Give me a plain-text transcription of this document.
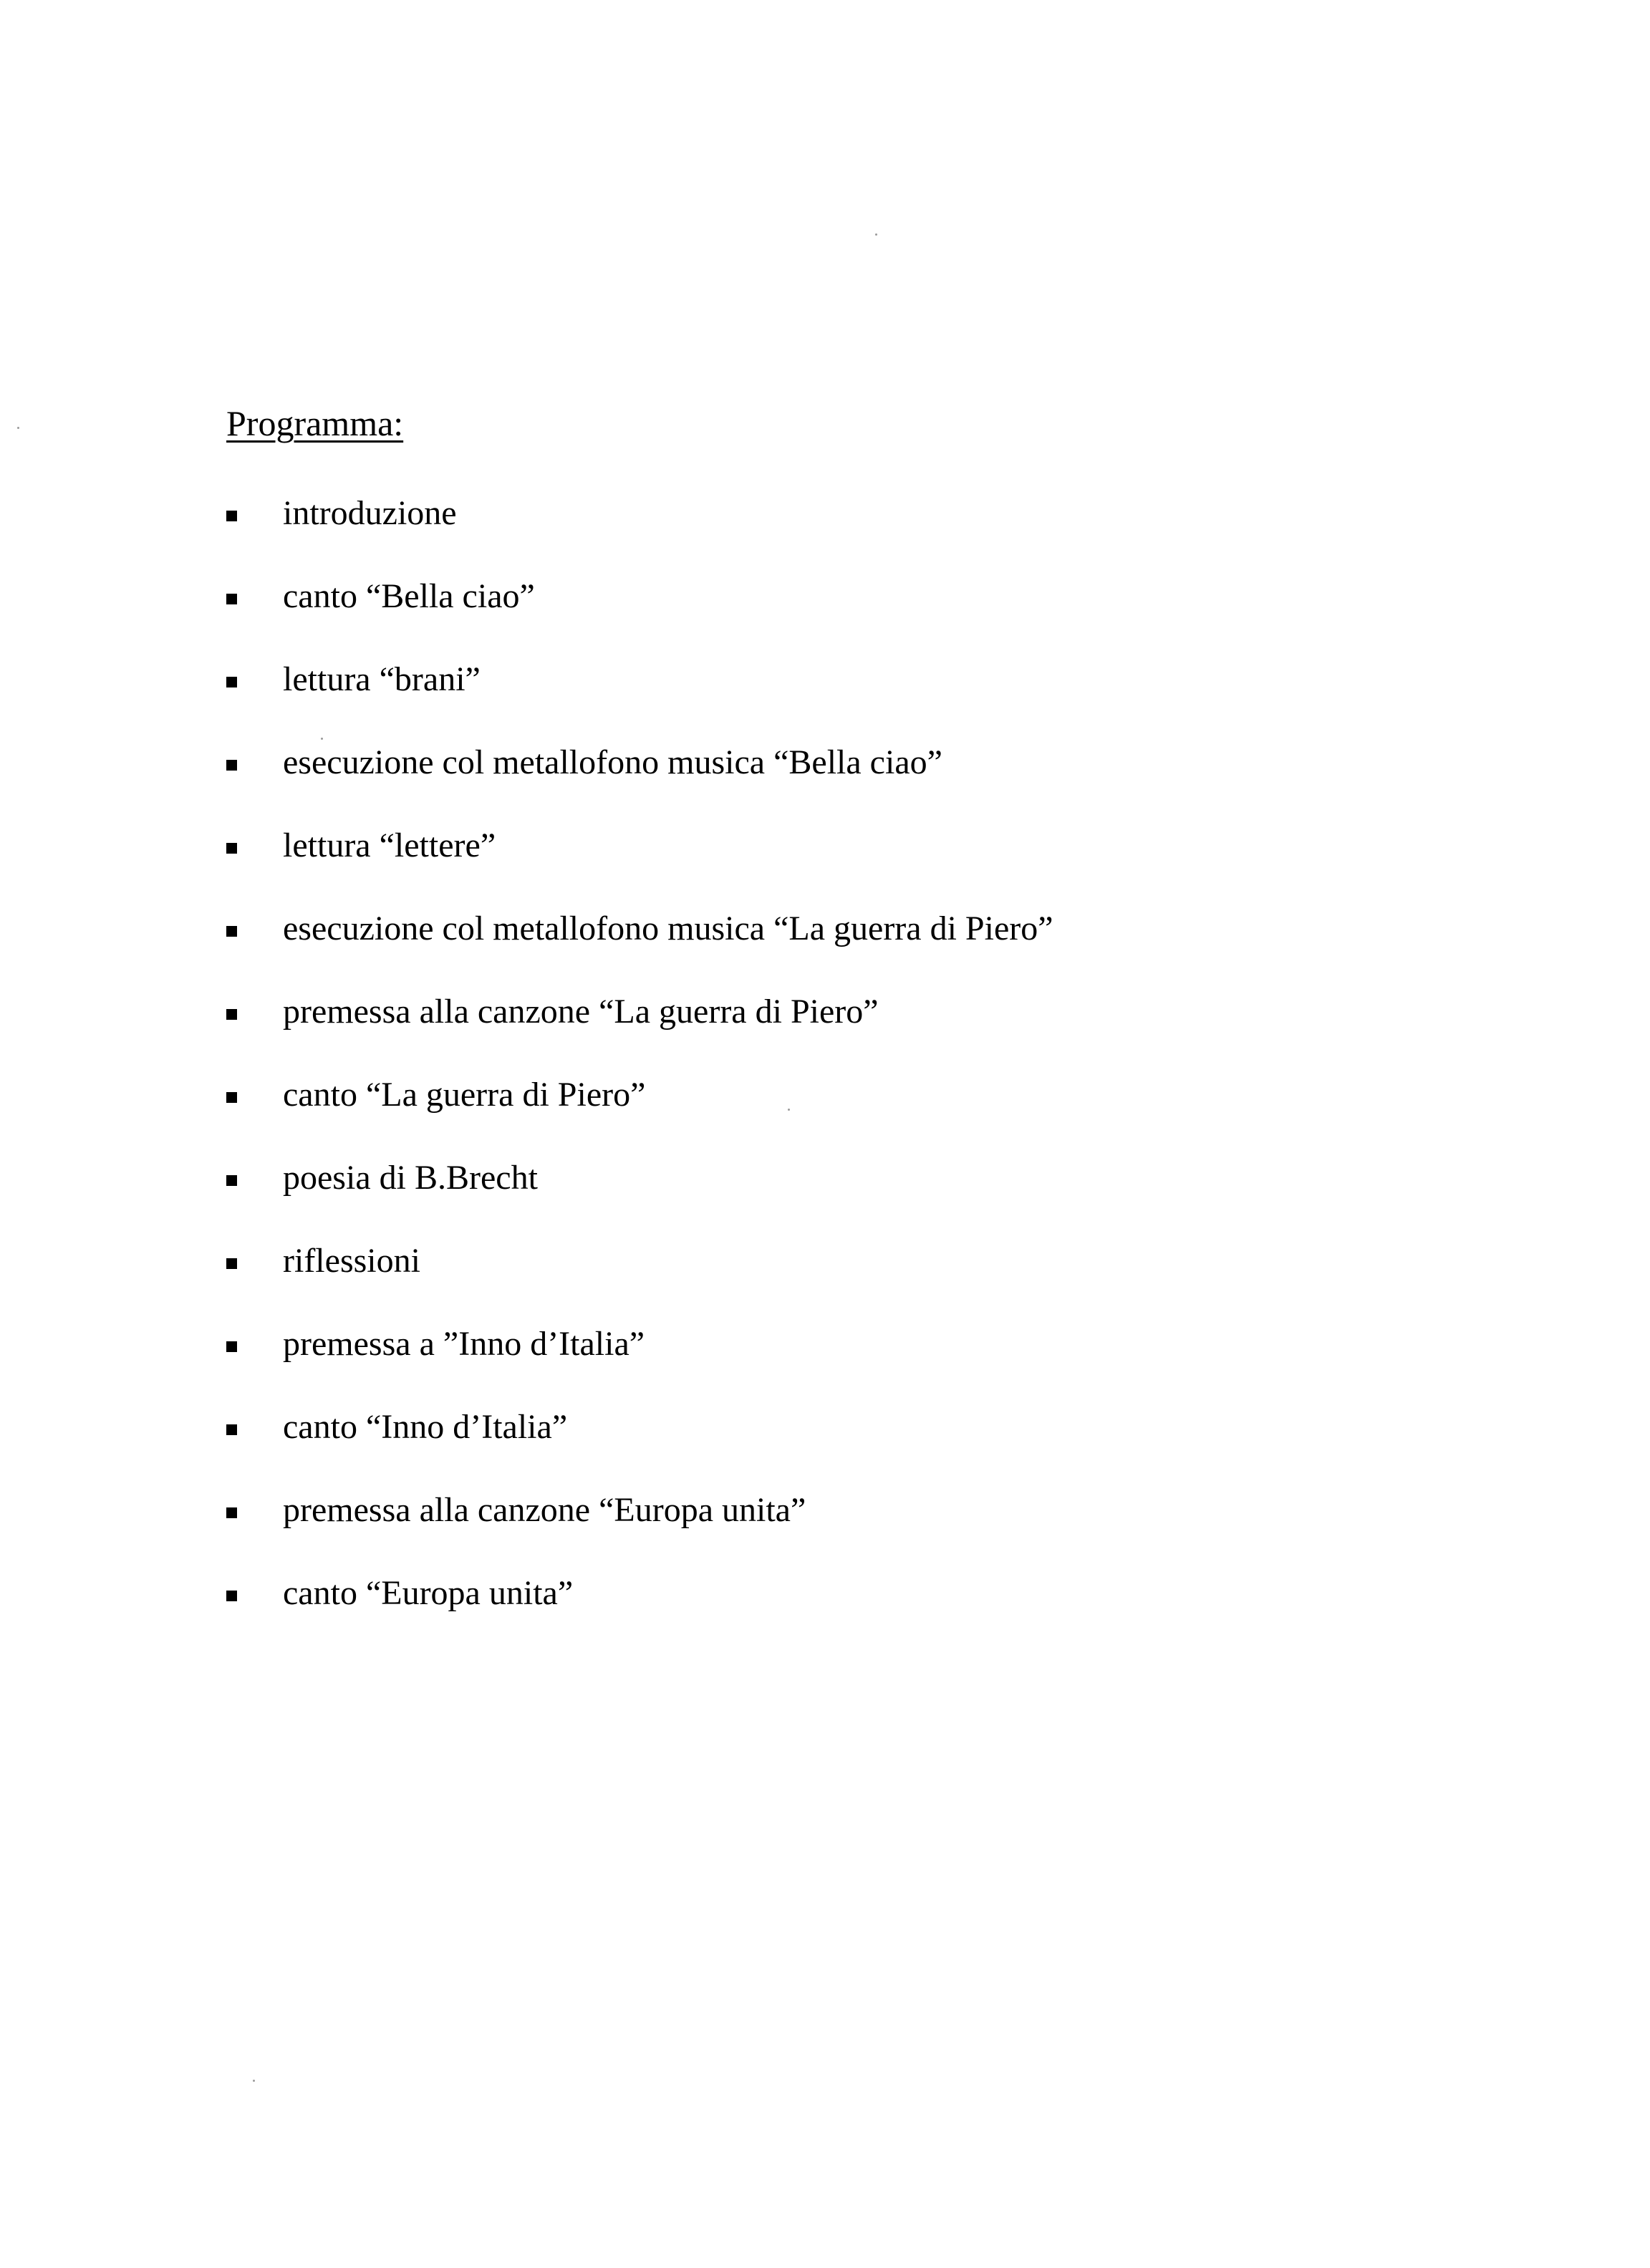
Programma:
introduzione
canto “Bella ciao”
lettura “brani”
esecuzione col metallofono musica “Bella ciao”
lettura “lettere”
esecuzione col metallofono musica “La guerra di Piero”
premessa alla canzone “La guerra di Piero”
canto “La guerra di Piero”
poesia di B.Brecht
riflessioni
premessa a ”Inno d’Italia”
canto “Inno d’Italia”
premessa alla canzone “Europa unita”
canto “Europa unita”
